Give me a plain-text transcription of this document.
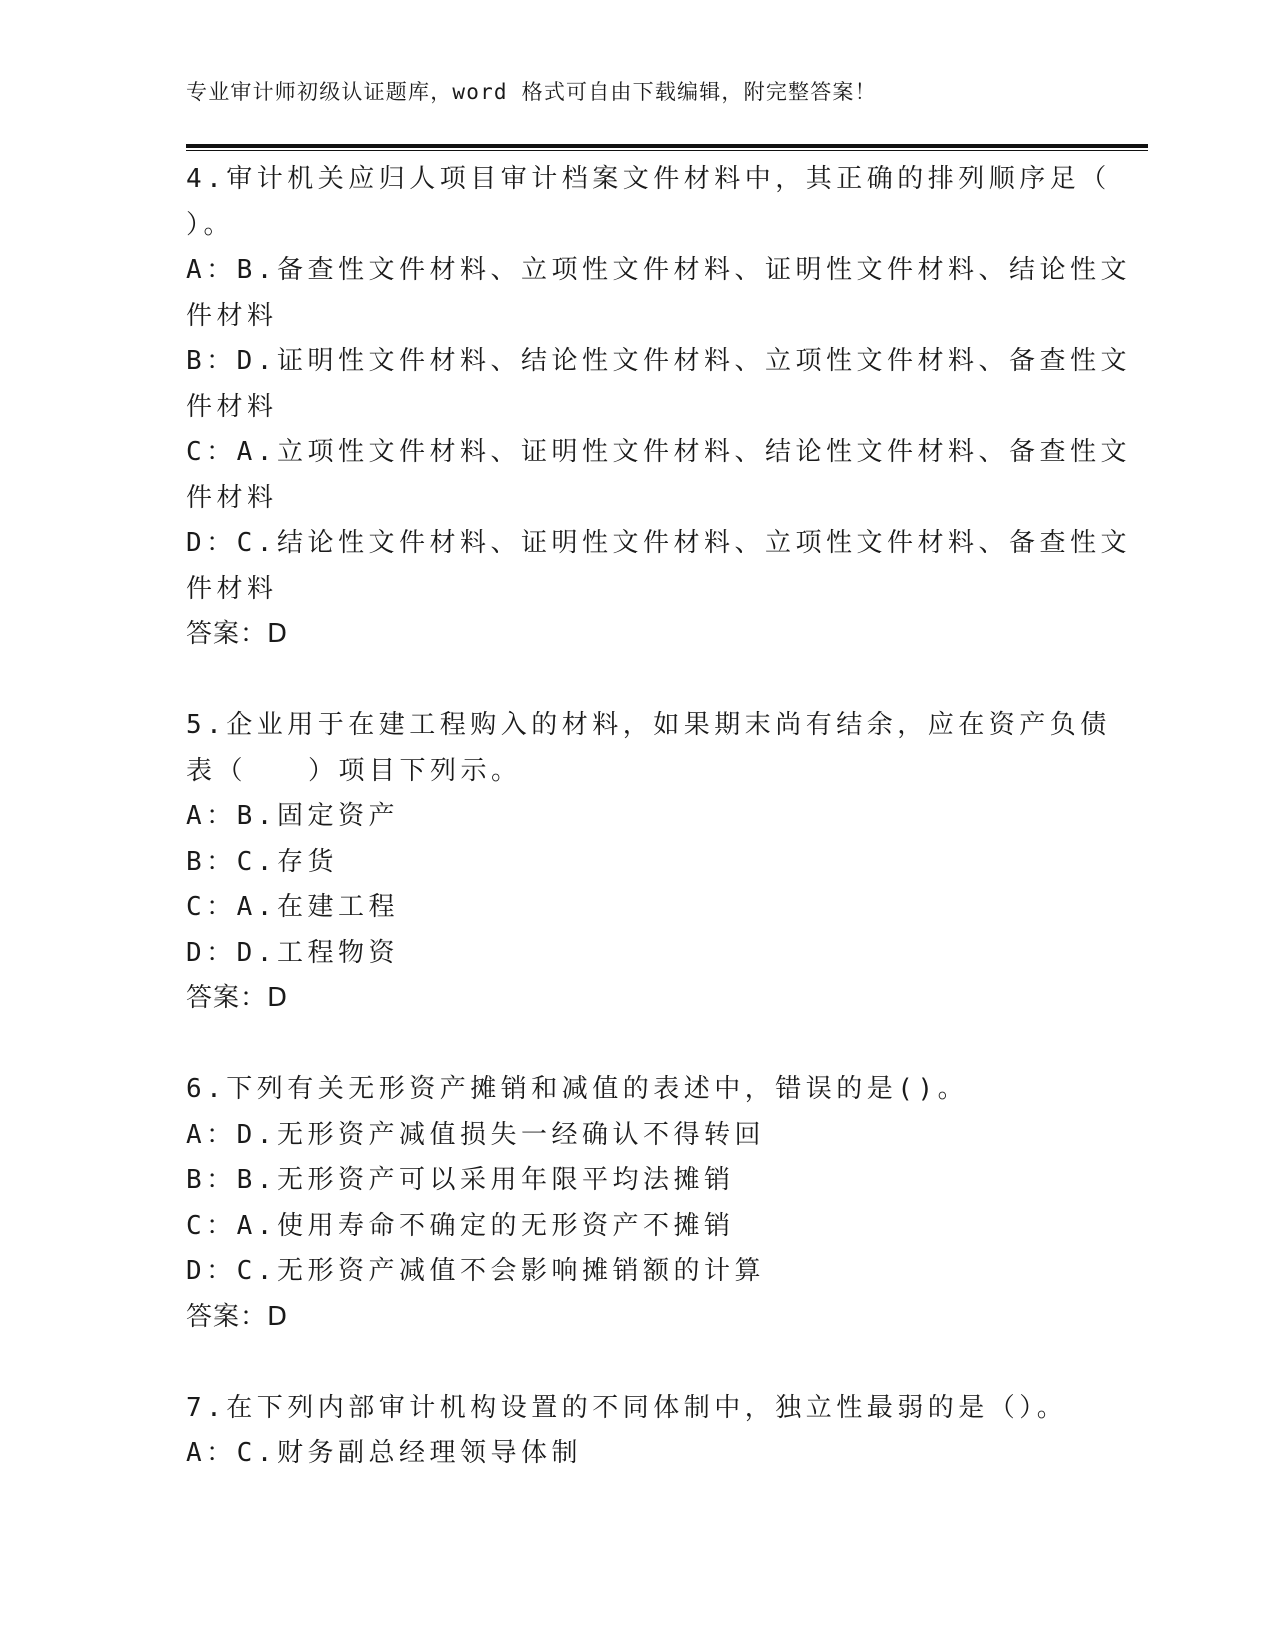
专业审计师初级认证题库，word 格式可自由下载编辑，附完整答案！
4.审计机关应归人项目审计档案文件材料中，其正确的排列顺序足（
）。
A：B.备查性文件材料、立项性文件材料、证明性文件材料、结论性文
件材料
B：D.证明性文件材料、结论性文件材料、立项性文件材料、备查性文
件材料
C：A.立项性文件材料、证明性文件材料、结论性文件材料、备查性文
件材料
D：C.结论性文件材料、证明性文件材料、立项性文件材料、备查性文
件材料
答案：D
5.企业用于在建工程购入的材料，如果期末尚有结余，应在资产负债
表（　　）项目下列示。
A：B.固定资产
B：C.存货
C：A.在建工程
D：D.工程物资
答案：D
6.下列有关无形资产摊销和减值的表述中，错误的是()。
A：D.无形资产减值损失一经确认不得转回
B：B.无形资产可以采用年限平均法摊销
C：A.使用寿命不确定的无形资产不摊销
D：C.无形资产减值不会影响摊销额的计算
答案：D
7.在下列内部审计机构设置的不同体制中，独立性最弱的是（）。
A：C.财务副总经理领导体制
